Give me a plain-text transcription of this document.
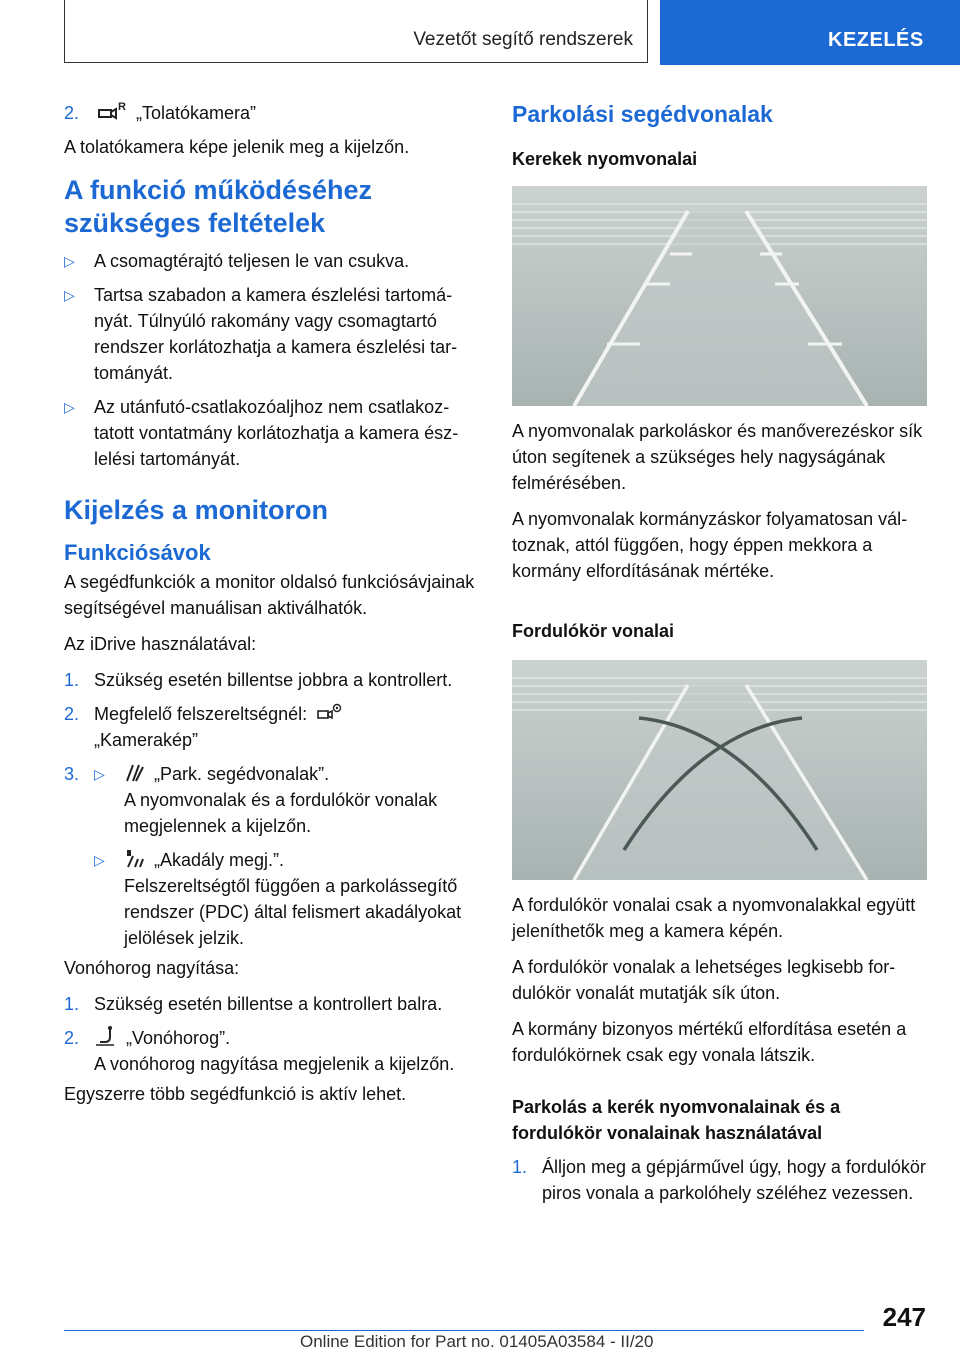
Vezetőt segítő rendszerek	KEZELÉS
2.	R „Tolatókamera”

A tolatókamera képe jelenik meg a kijelzőn.

A funkció működéséhez szükséges feltételek
▷	A csomagtérajtó teljesen le van csukva.
▷	Tartsa szabadon a kamera észlelési tartományát. Túlnyúló rakomány vagy csomagtartó rendszer korlátozhatja a kamera észlelési tartományát.
▷	Az utánfutó-csatlakozóaljhoz nem csatlakoztatott vontatmány korlátozhatja a kamera észlelési tartományát.
Kijelzés a monitoron
Funkciósávok

A segédfunkciók a monitor oldalsó funkciósávjainak segítségével manuálisan aktiválhatók.

Az iDrive használatával:

1. Szükség esetén billentse jobbra a kontrollert.
2. Megfelelő felszereltségnél:
„Kamerakép”
3.	▷	„Park. segédvonalak”.
A nyomvonalak és a fordulókör vonalak megjelennek a kijelzőn.
▷	„Akadály megj.”.
Felszereltségtől függően a parkolássegítő rendszer (PDC) által felismert akadályokat jelölések jelzik.

Vonóhorog nagyítása:

1. Szükség esetén billentse a kontrollert balra.
2.	„Vonóhorog”.
A vonóhorog nagyítása megjelenik a kijelzőn.

Egyszerre több segédfunkció is aktív lehet.

Parkolási segédvonalak
Kerekek nyomvonalai

A nyomvonalak parkoláskor és manőverezéskor sík úton segítenek a szükséges hely nagyságának felmérésében.

A nyomvonalak kormányzáskor folyamatosan változnak, attól függően, hogy éppen mekkora a kormány elfordításának mértéke.

Fordulókör vonalai

A fordulókör vonalai csak a nyomvonalakkal együtt jeleníthetők meg a kamera képén.

A fordulókör vonalak a lehetséges legkisebb fordulókör vonalát mutatják sík úton.

A kormány bizonyos mértékű elfordítása esetén a fordulókörnek csak egy vonala látszik.

Parkolás a kerék nyomvonalainak és a fordulókör vonalainak használatával
1. Álljon meg a gépjárművel úgy, hogy a fordulókör piros vonala a parkolóhely széléhez vezessen.
247
Online Edition for Part no. 01405A03584 - II/20
